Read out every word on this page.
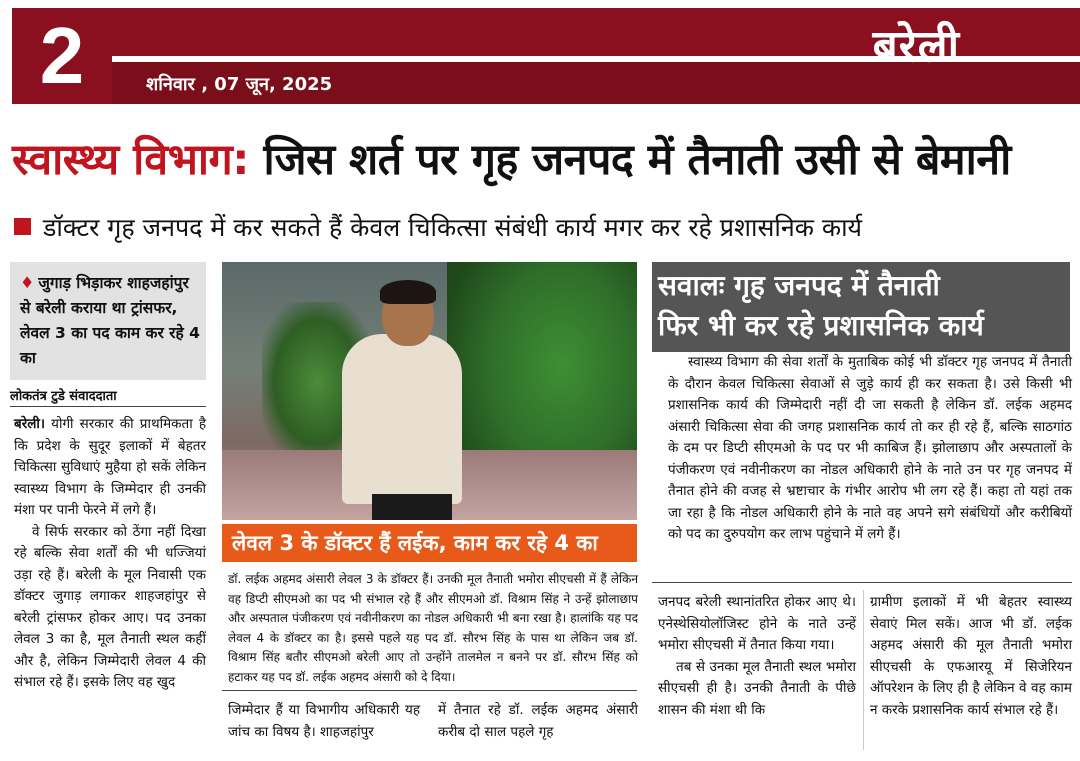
2	बरेली
शनिवार , 07 जून, 2025
स्वास्थ्य विभाग: जिस शर्त पर गृह जनपद में तैनाती उसी से बेमानी
डॉक्टर गृह जनपद में कर सकते हैं केवल चिकित्सा संबंधी कार्य मगर कर रहे प्रशासनिक कार्य

♦ जुगाड़ भिड़ाकर शाहजहांपुर से बरेली कराया था ट्रांसफर, लेवल 3 का पद काम कर रहे 4 का

लोकतंत्र टुडे संवाददाता

बरेली। योगी सरकार की प्राथमिकता है कि प्रदेश के सुदूर इलाकों में बेहतर चिकित्सा सुविधाएं मुहैया हो सकें लेकिन स्वास्थ्य विभाग के जिम्मेदार ही उनकी मंशा पर पानी फेरने में लगे हैं।

वे सिर्फ सरकार को ठेंगा नहीं दिखा रहे बल्कि सेवा शर्तों की भी धज्जियां उड़ा रहे हैं। बरेली के मूल निवासी एक डॉक्टर जुगाड़ लगाकर शाहजहांपुर से बरेली ट्रांसफर होकर आए। पद उनका लेवल 3 का है, मूल तैनाती स्थल कहीं और है, लेकिन जिम्मेदारी लेवल 4 की संभाल रहे हैं। इसके लिए वह खुद

लेवल 3 के डॉक्टर हैं लईक, काम कर रहे 4 का
डॉ. लईक अहमद अंसारी लेवल 3 के डॉक्टर हैं। उनकी मूल तैनाती भमोरा सीएचसी में हैं लेकिन वह डिप्टी सीएमओ का पद भी संभाल रहे हैं और सीएमओ डॉ. विश्राम सिंह ने उन्हें झोलाछाप और अस्पताल पंजीकरण एवं नवीनीकरण का नोडल अधिकारी भी बना रखा है। हालांकि यह पद लेवल 4 के डॉक्टर का है। इससे पहले यह पद डॉ. सौरभ सिंह के पास था लेकिन जब डॉ. विश्राम सिंह बतौर सीएमओ बरेली आए तो उन्होंने तालमेल न बनने पर डॉ. सौरभ सिंह को हटाकर यह पद डॉ. लईक अहमद अंसारी को दे दिया।

जिम्मेदार हैं या विभागीय अधिकारी यह जांच का विषय है। शाहजहांपुर

में तैनात रहे डॉ. लईक अहमद अंसारी करीब दो साल पहले गृह

सवालः गृह जनपद में तैनाती
फिर भी कर रहे प्रशासनिक कार्य

स्वास्थ्य विभाग की सेवा शर्तों के मुताबिक कोई भी डॉक्टर गृह जनपद में तैनाती के दौरान केवल चिकित्सा सेवाओं से जुड़े कार्य ही कर सकता है। उसे किसी भी प्रशासनिक कार्य की जिम्मेदारी नहीं दी जा सकती है लेकिन डॉ. लईक अहमद अंसारी चिकित्सा सेवा की जगह प्रशासनिक कार्य तो कर ही रहे हैं, बल्कि साठगांठ के दम पर डिप्टी सीएमओ के पद पर भी काबिज हैं। झोलाछाप और अस्पतालों के पंजीकरण एवं नवीनीकरण का नोडल अधिकारी होने के नाते उन पर गृह जनपद में तैनात होने की वजह से भ्रष्टाचार के गंभीर आरोप भी लग रहे हैं। कहा तो यहां तक जा रहा है कि नोडल अधिकारी होने के नाते वह अपने सगे संबंधियों और करीबियों को पद का दुरुपयोग कर लाभ पहुंचाने में लगे हैं।

जनपद बरेली स्थानांतरित होकर आए थे। एनेस्थेसियोलॉजिस्ट होने के नाते उन्हें भमोरा सीएचसी में तैनात किया गया।

तब से उनका मूल तैनाती स्थल भमोरा सीएचसी ही है। उनकी तैनाती के पीछे शासन की मंशा थी कि

ग्रामीण इलाकों में भी बेहतर स्वास्थ्य सेवाएं मिल सकें। आज भी डॉ. लईक अहमद अंसारी की मूल तैनाती भमोरा सीएचसी के एफआरयू में सिजेरियन ऑपरेशन के लिए ही है लेकिन वे वह काम न करके प्रशासनिक कार्य संभाल रहे हैं।
